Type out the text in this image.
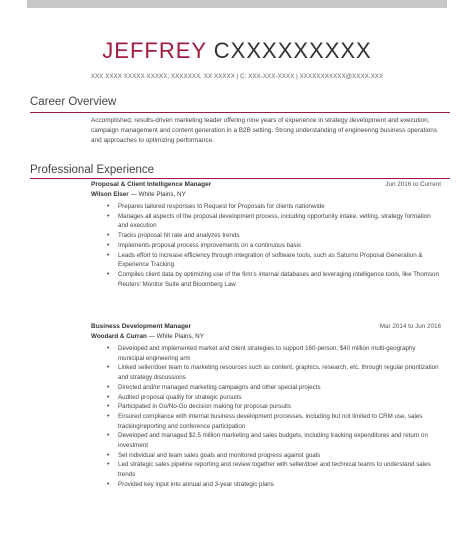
JEFFREY CXXXXXXXXX
XXX XXXX XXXXX XXXXX, XXXXXXX, XX XXXXX | C: XXX-XXX-XXXX | XXXXXXXXXXX@XXXX.XXX
Career Overview
Accomplished, results-driven marketing leader offering nine years of experience in strategy development and execution, campaign management and content generation in a B2B setting. Strong understanding of engineering business operations and approaches to optimizing performance.
Professional Experience
Proposal & Client Intelligence Manager	Jun 2016 to Current
Wilson Elser — White Plains, NY
• Prepares tailored responses to Request for Proposals for clients nationwide
• Manages all aspects of the proposal development process, including opportunity intake, vetting, strategy formation and execution
• Tracks proposal hit rate and analyzes trends
• Implements proposal process improvements on a continuous basis
• Leads effort to increase efficiency through integration of software tools, such as Saturno Proposal Generation & Experience Tracking
• Compiles client data by optimizing use of the firm's internal databases and leveraging intelligence tools, like Thomson Reuters' Monitor Suite and Bloomberg Law
Business Development Manager	Mar 2014 to Jun 2016
Woodard & Curran — White Plains, NY
• Developed and implemented market and client strategies to support 160-person, $40 million multi-geography municipal engineering arm
• Linked seller/doer team to marketing resources such as content, graphics, research, etc. through regular prioritization and strategy discussions
• Directed and/or managed marketing campaigns and other special projects
• Audited proposal quality for strategic pursuits
• Participated in Go/No-Go decision making for proposal pursuits
• Ensured compliance with internal business development processes, including but not limited to CRM use, sales tracking/reporting and conference participation
• Developed and managed $2.5 million marketing and sales budgets, including tracking expenditures and return on investment
• Set individual and team sales goals and monitored progress against goals
• Led strategic sales pipeline reporting and review together with seller/doer and technical teams to understand sales trends
• Provided key input into annual and 3-year strategic plans
